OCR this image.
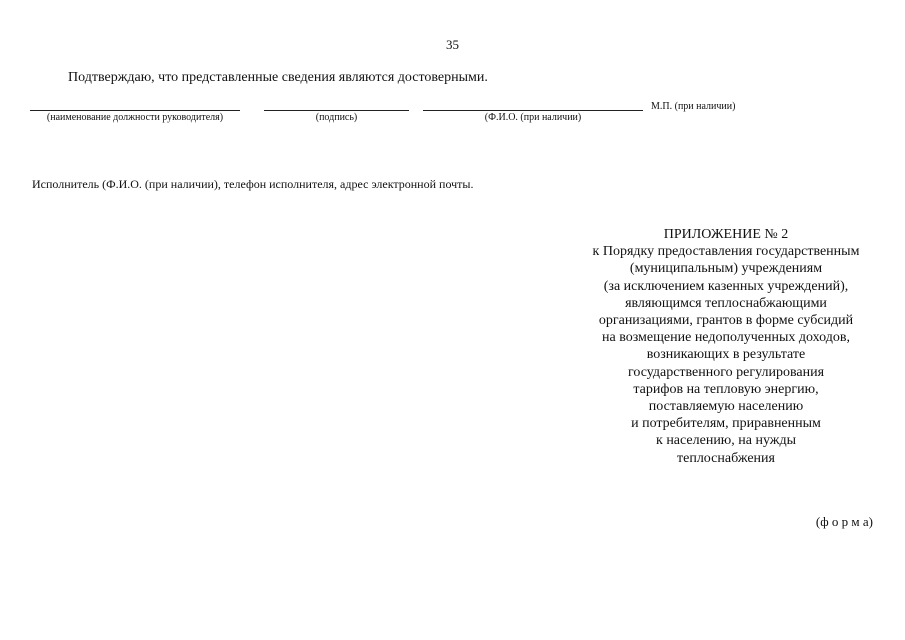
35
Подтверждаю, что представленные сведения являются достоверными.
(наименование должности руководителя)	(подпись)	(Ф.И.О. (при наличии)
М.П. (при наличии)
Исполнитель (Ф.И.О. (при наличии), телефон исполнителя, адрес электронной почты.
ПРИЛОЖЕНИЕ № 2
к Порядку предоставления государственным
(муниципальным) учреждениям
(за исключением казенных учреждений),
являющимся теплоснабжающими
организациями, грантов в форме субсидий
на возмещение недополученных доходов,
возникающих в результате
государственного регулирования
тарифов на тепловую энергию,
поставляемую населению
и потребителям, приравненным
к населению, на нужды
теплоснабжения
(ф о р м а)
